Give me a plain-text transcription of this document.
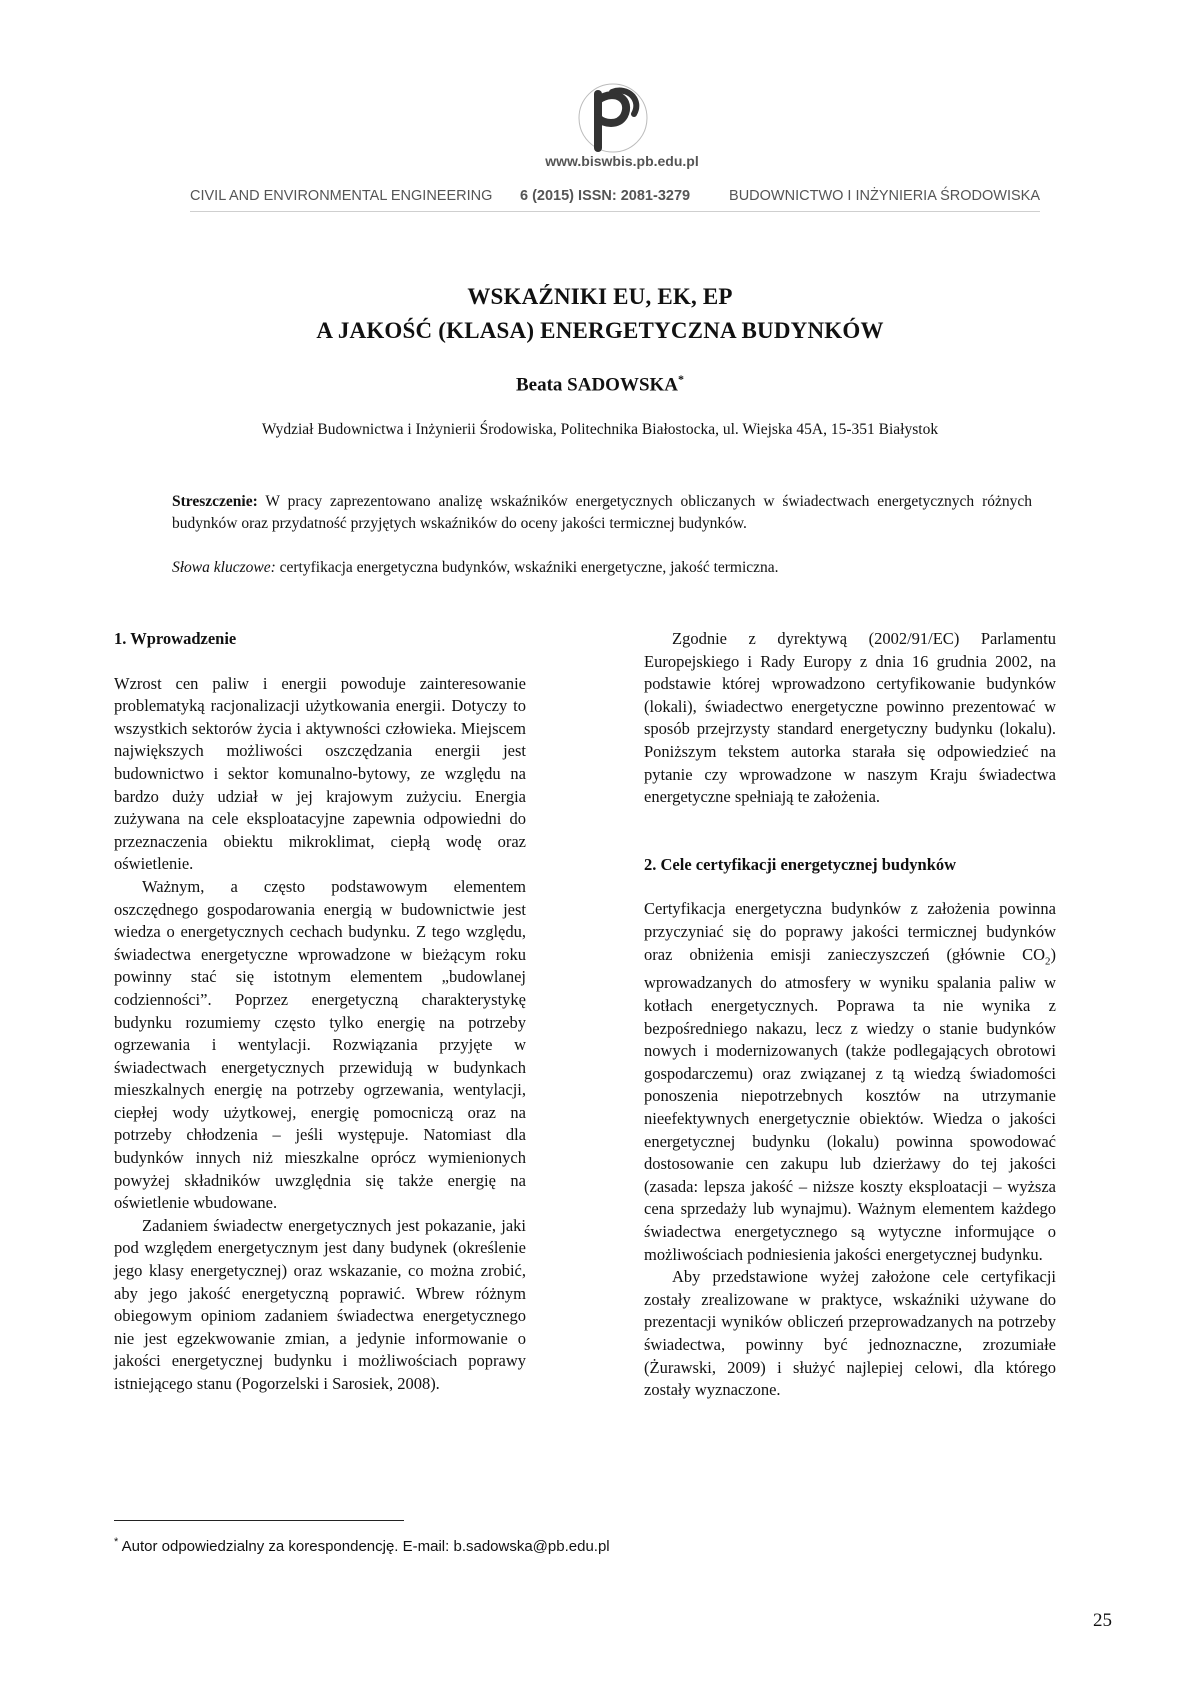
www.biswbis.pb.edu.pl
CIVIL AND ENVIRONMENTAL ENGINEERING 6 (2015) ISSN: 2081-3279	BUDOWNICTWO I INŻYNIERIA ŚRODOWISKA
WSKAŹNIKI EU, EK, EP
A JAKOŚĆ (KLASA) ENERGETYCZNA BUDYNKÓW
Beata SADOWSKA*
Wydział Budownictwa i Inżynierii Środowiska, Politechnika Białostocka, ul. Wiejska 45A, 15-351 Białystok
Streszczenie: W pracy zaprezentowano analizę wskaźników energetycznych obliczanych w świadectwach energetycznych różnych budynków oraz przydatność przyjętych wskaźników do oceny jakości termicznej budynków.
Słowa kluczowe: certyfikacja energetyczna budynków, wskaźniki energetyczne, jakość termiczna.
1. Wprowadzenie

Wzrost cen paliw i energii powoduje zainteresowanie problematyką racjonalizacji użytkowania energii. Dotyczy to wszystkich sektorów życia i aktywności człowieka. Miejscem największych możliwości oszczędzania energii jest budownictwo i sektor komunalno-bytowy, ze względu na bardzo duży udział w jej krajowym zużyciu. Energia zużywana na cele eksploatacyjne zapewnia odpowiedni do przeznaczenia obiektu mikroklimat, ciepłą wodę oraz oświetlenie.

Ważnym, a często podstawowym elementem oszczędnego gospodarowania energią w budownictwie jest wiedza o energetycznych cechach budynku. Z tego względu, świadectwa energetyczne wprowadzone w bieżącym roku powinny stać się istotnym elementem „budowlanej codzienności”. Poprzez energetyczną charakterystykę budynku rozumiemy często tylko energię na potrzeby ogrzewania i wentylacji. Rozwiązania przyjęte w świadectwach energetycznych przewidują w budynkach mieszkalnych energię na potrzeby ogrzewania, wentylacji, ciepłej wody użytkowej, energię pomocniczą oraz na potrzeby chłodzenia – jeśli występuje. Natomiast dla budynków innych niż mieszkalne oprócz wymienionych powyżej składników uwzględnia się także energię na oświetlenie wbudowane.

Zadaniem świadectw energetycznych jest pokazanie, jaki pod względem energetycznym jest dany budynek (określenie jego klasy energetycznej) oraz wskazanie, co można zrobić, aby jego jakość energetyczną poprawić. Wbrew różnym obiegowym opiniom zadaniem świadectwa energetycznego nie jest egzekwowanie zmian, a jedynie informowanie o jakości energetycznej budynku i możliwościach poprawy istniejącego stanu (Pogorzelski i Sarosiek, 2008).

Zgodnie z dyrektywą (2002/91/EC) Parlamentu Europejskiego i Rady Europy z dnia 16 grudnia 2002, na podstawie której wprowadzono certyfikowanie budynków (lokali), świadectwo energetyczne powinno prezentować w sposób przejrzysty standard energetyczny budynku (lokalu). Poniższym tekstem autorka starała się odpowiedzieć na pytanie czy wprowadzone w naszym Kraju świadectwa energetyczne spełniają te założenia.

2. Cele certyfikacji energetycznej budynków

Certyfikacja energetyczna budynków z założenia powinna przyczyniać się do poprawy jakości termicznej budynków oraz obniżenia emisji zanieczyszczeń (głównie $CO_2$) wprowadzanych do atmosfery w wyniku spalania paliw w kotłach energetycznych. Poprawa ta nie wynika z bezpośredniego nakazu, lecz z wiedzy o stanie budynków nowych i modernizowanych (także podlegających obrotowi gospodarczemu) oraz związanej z tą wiedzą świadomości ponoszenia niepotrzebnych kosztów na utrzymanie nieefektywnych energetycznie obiektów. Wiedza o jakości energetycznej budynku (lokalu) powinna spowodować dostosowanie cen zakupu lub dzierżawy do tej jakości (zasada: lepsza jakość – niższe koszty eksploatacji – wyższa cena sprzedaży lub wynajmu). Ważnym elementem każdego świadectwa energetycznego są wytyczne informujące o możliwościach podniesienia jakości energetycznej budynku.

Aby przedstawione wyżej założone cele certyfikacji zostały zrealizowane w praktyce, wskaźniki używane do prezentacji wyników obliczeń przeprowadzanych na potrzeby świadectwa, powinny być jednoznaczne, zrozumiałe (Żurawski, 2009) i służyć najlepiej celowi, dla którego zostały wyznaczone.

* Autor odpowiedzialny za korespondencję. E-mail: b.sadowska@pb.edu.pl
25
